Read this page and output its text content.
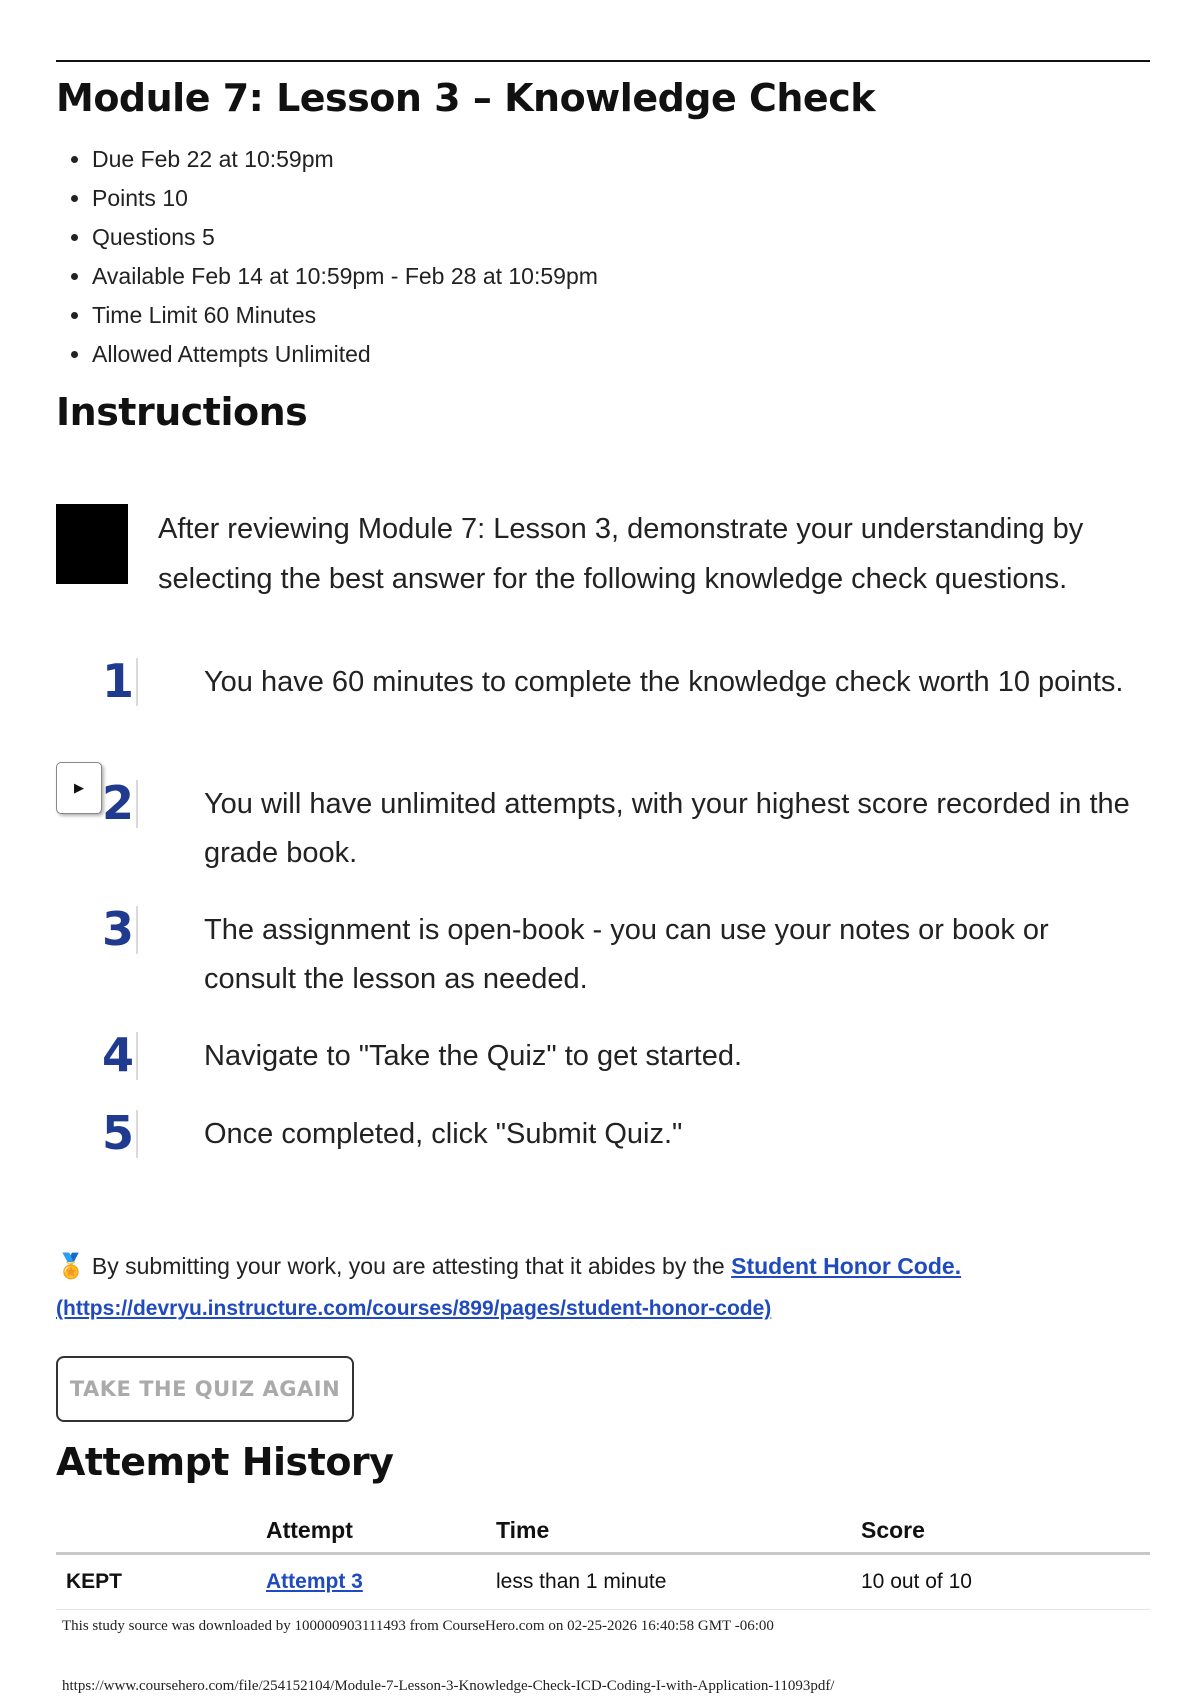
Module 7: Lesson 3 – Knowledge Check
• Due Feb 22 at 10:59pm
• Points 10
• Questions 5
• Available Feb 14 at 10:59pm - Feb 28 at 10:59pm
• Time Limit 60 Minutes
• Allowed Attempts Unlimited
Instructions
After reviewing Module 7: Lesson 3, demonstrate your understanding by selecting the best answer for the following knowledge check questions.
1 You have 60 minutes to complete the knowledge check worth 10 points.
2 You will have unlimited attempts, with your highest score recorded in the grade book.
3 The assignment is open-book - you can use your notes or book or consult the lesson as needed.
4 Navigate to "Take the Quiz" to get started.
5 Once completed, click "Submit Quiz."
▶
🏅 By submitting your work, you are attesting that it abides by the Student Honor Code.
(https://devryu.instructure.com/courses/899/pages/student-honor-code)
TAKE THE QUIZ AGAIN
Attempt History
	Attempt	Time	Score
KEPT	Attempt 3	less than 1 minute	10 out of 10
This study source was downloaded by 100000903111493 from CourseHero.com on 02-25-2026 16:40:58 GMT -06:00
https://www.coursehero.com/file/254152104/Module-7-Lesson-3-Knowledge-Check-ICD-Coding-I-with-Application-11093pdf/
